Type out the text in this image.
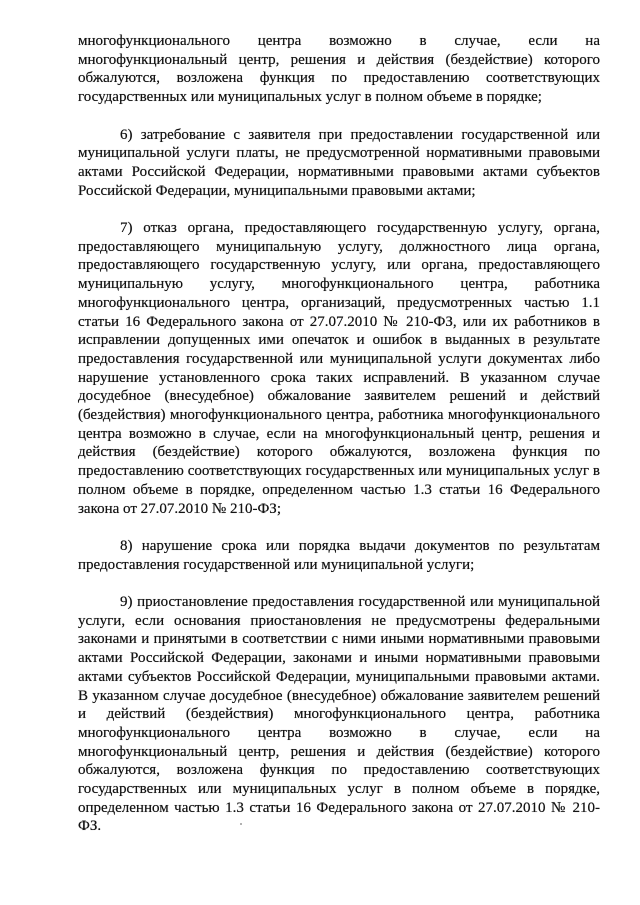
многофункционального центра возможно в случае, если на многофункциональный центр, решения и действия (бездействие) которого обжалуются, возложена функция по предоставлению соответствующих государственных или муниципальных услуг в полном объеме в порядке;

6) затребование с заявителя при предоставлении государственной или муниципальной услуги платы, не предусмотренной нормативными правовыми актами Российской Федерации, нормативными правовыми актами субъектов Российской Федерации, муниципальными правовыми актами;

7) отказ органа, предоставляющего государственную услугу, органа, предоставляющего муниципальную услугу, должностного лица органа, предоставляющего государственную услугу, или органа, предоставляющего муниципальную услугу, многофункционального центра, работника многофункционального центра, организаций, предусмотренных частью 1.1 статьи 16 Федерального закона от 27.07.2010 № 210-ФЗ, или их работников в исправлении допущенных ими опечаток и ошибок в выданных в результате предоставления государственной или муниципальной услуги документах либо нарушение установленного срока таких исправлений. В указанном случае досудебное (внесудебное) обжалование заявителем решений и действий (бездействия) многофункционального центра, работника многофункционального центра возможно в случае, если на многофункциональный центр, решения и действия (бездействие) которого обжалуются, возложена функция по предоставлению соответствующих государственных или муниципальных услуг в полном объеме в порядке, определенном частью 1.3 статьи 16 Федерального закона от 27.07.2010 № 210-ФЗ;

8) нарушение срока или порядка выдачи документов по результатам предоставления государственной или муниципальной услуги;

9) приостановление предоставления государственной или муниципальной услуги, если основания приостановления не предусмотрены федеральными законами и принятыми в соответствии с ними иными нормативными правовыми актами Российской Федерации, законами и иными нормативными правовыми актами субъектов Российской Федерации, муниципальными правовыми актами. В указанном случае досудебное (внесудебное) обжалование заявителем решений и действий (бездействия) многофункционального центра, работника многофункционального центра возможно в случае, если на многофункциональный центр, решения и действия (бездействие) которого обжалуются, возложена функция по предоставлению соответствующих государственных или муниципальных услуг в полном объеме в порядке, определенном частью 1.3 статьи 16 Федерального закона от 27.07.2010 № 210-ФЗ.
